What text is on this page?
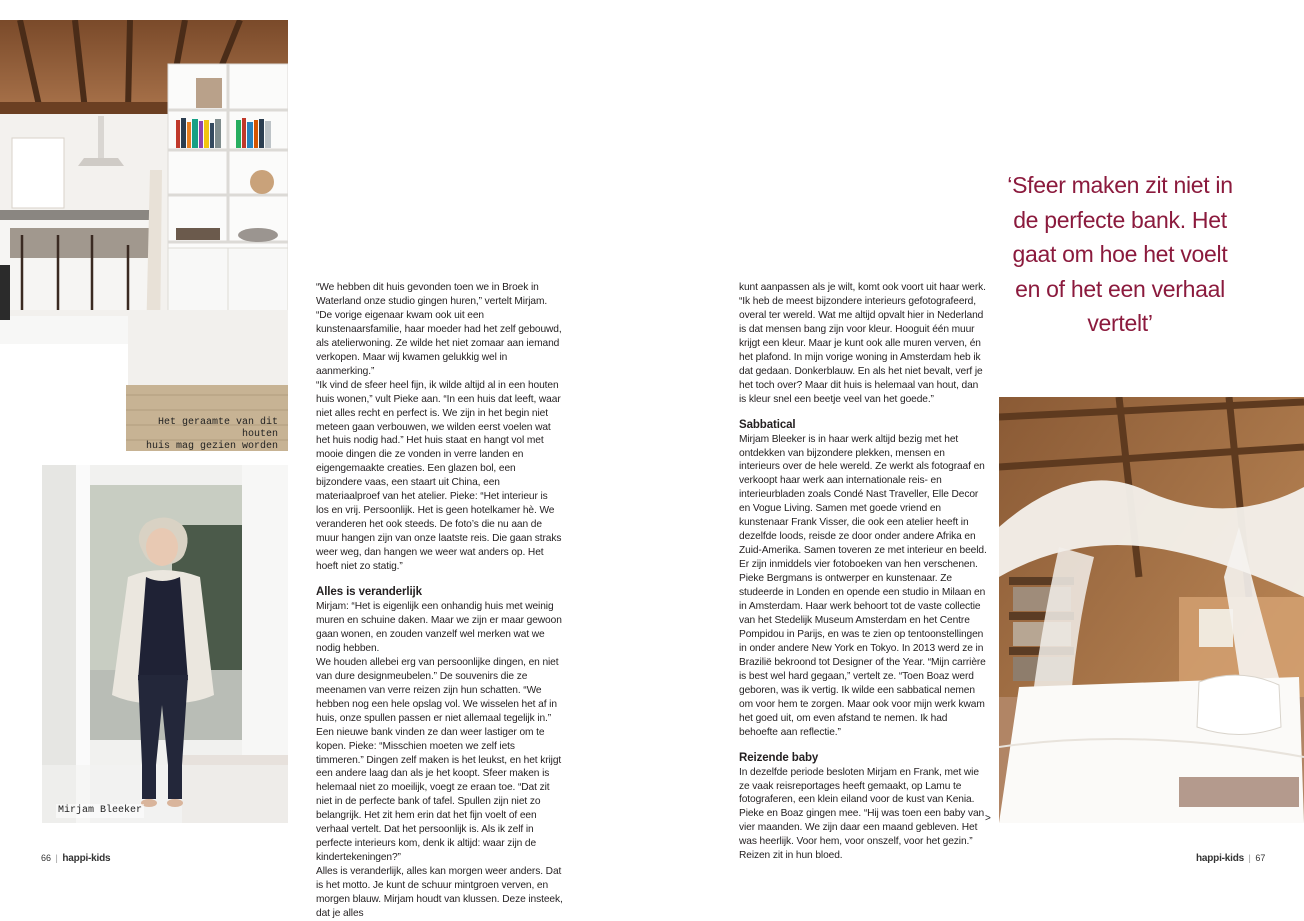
Het geraamte van dit houten
huis mag gezien worden
Mirjam Bleeker

“We hebben dit huis gevonden toen we in Broek in Waterland onze studio gingen huren,” vertelt Mirjam. “De vorige eigenaar kwam ook uit een kunstenaarsfamilie, haar moeder had het zelf gebouwd, als atelierwoning. Ze wilde het niet zomaar aan iemand verkopen. Maar wij kwamen gelukkig wel in aanmerking.”

“Ik vind de sfeer heel fijn, ik wilde altijd al in een houten huis wonen,” vult Pieke aan. “In een huis dat leeft, waar niet alles recht en perfect is. We zijn in het begin niet meteen gaan verbouwen, we wilden eerst voelen wat het huis nodig had.” Het huis staat en hangt vol met mooie dingen die ze vonden in verre landen en eigengemaakte creaties. Een glazen bol, een bijzondere vaas, een staart uit China, een materiaalproef van het atelier. Pieke: “Het interieur is los en vrij. Persoonlijk. Het is geen hotelkamer hè. We veranderen het ook steeds. De foto’s die nu aan de muur hangen zijn van onze laatste reis. Die gaan straks weer weg, dan hangen we weer wat anders op. Het hoeft niet zo statig.”

Alles is veranderlijk

Mirjam: “Het is eigenlijk een onhandig huis met weinig muren en schuine daken. Maar we zijn er maar gewoon gaan wonen, en zouden vanzelf wel merken wat we nodig hebben.

We houden allebei erg van persoonlijke dingen, en niet van dure designmeubelen.” De souvenirs die ze meenamen van verre reizen zijn hun schatten. “We hebben nog een hele opslag vol. We wisselen het af in huis, onze spullen passen er niet allemaal tegelijk in.” Een nieuwe bank vinden ze dan weer lastiger om te kopen. Pieke: “Misschien moeten we zelf iets timmeren.” Dingen zelf maken is het leukst, en het krijgt een andere laag dan als je het koopt. Sfeer maken is helemaal niet zo moeilijk, voegt ze eraan toe. “Dat zit niet in de perfecte bank of tafel. Spullen zijn niet zo belangrijk. Het zit hem erin dat het fijn voelt of een verhaal vertelt. Dat het persoonlijk is. Als ik zelf in perfecte interieurs kom, denk ik altijd: waar zijn de kindertekeningen?”

Alles is veranderlijk, alles kan morgen weer anders. Dat is het motto. Je kunt de schuur mintgroen verven, en morgen blauw. Mirjam houdt van klussen. Deze insteek, dat je alles

kunt aanpassen als je wilt, komt ook voort uit haar werk.

“Ik heb de meest bijzondere interieurs gefotografeerd, overal ter wereld. Wat me altijd opvalt hier in Nederland is dat mensen bang zijn voor kleur. Hooguit één muur krijgt een kleur. Maar je kunt ook alle muren verven, én het plafond. In mijn vorige woning in Amsterdam heb ik dat gedaan. Donkerblauw. En als het niet bevalt, verf je het toch over? Maar dit huis is helemaal van hout, dan is kleur snel een beetje veel van het goede.”

Sabbatical

Mirjam Bleeker is in haar werk altijd bezig met het ontdekken van bijzondere plekken, mensen en interieurs over de hele wereld. Ze werkt als fotograaf en verkoopt haar werk aan internationale reis- en interieurbladen zoals Condé Nast Traveller, Elle Decor en Vogue Living. Samen met goede vriend en kunstenaar Frank Visser, die ook een atelier heeft in dezelfde loods, reisde ze door onder andere Afrika en Zuid-Amerika. Samen toveren ze met interieur en beeld. Er zijn inmiddels vier fotoboeken van hen verschenen.

Pieke Bergmans is ontwerper en kunstenaar. Ze studeerde in Londen en opende een studio in Milaan en in Amsterdam. Haar werk behoort tot de vaste collectie van het Stedelijk Museum Amsterdam en het Centre Pompidou in Parijs, en was te zien op tentoonstellingen in onder andere New York en Tokyo. In 2013 werd ze in Brazilië bekroond tot Designer of the Year. “Mijn carrière is best wel hard gegaan,” vertelt ze. “Toen Boaz werd geboren, was ik vertig. Ik wilde een sabbatical nemen om voor hem te zorgen. Maar ook voor mijn werk kwam het goed uit, om even afstand te nemen. Ik had behoefte aan reflectie.”

Reizende baby

In dezelfde periode besloten Mirjam en Frank, met wie ze vaak reisreportages heeft gemaakt, op Lamu te fotograferen, een klein eiland voor de kust van Kenia. Pieke en Boaz gingen mee. “Hij was toen een baby van vier maanden. We zijn daar een maand gebleven. Het was heerlijk. Voor hem, voor onszelf, voor het gezin.” Reizen zit in hun bloed.

>
‘Sfeer maken zit niet in de perfecte bank. Het gaat om hoe het voelt en of het een verhaal vertelt’
66 | happi-kids	happi-kids | 67
